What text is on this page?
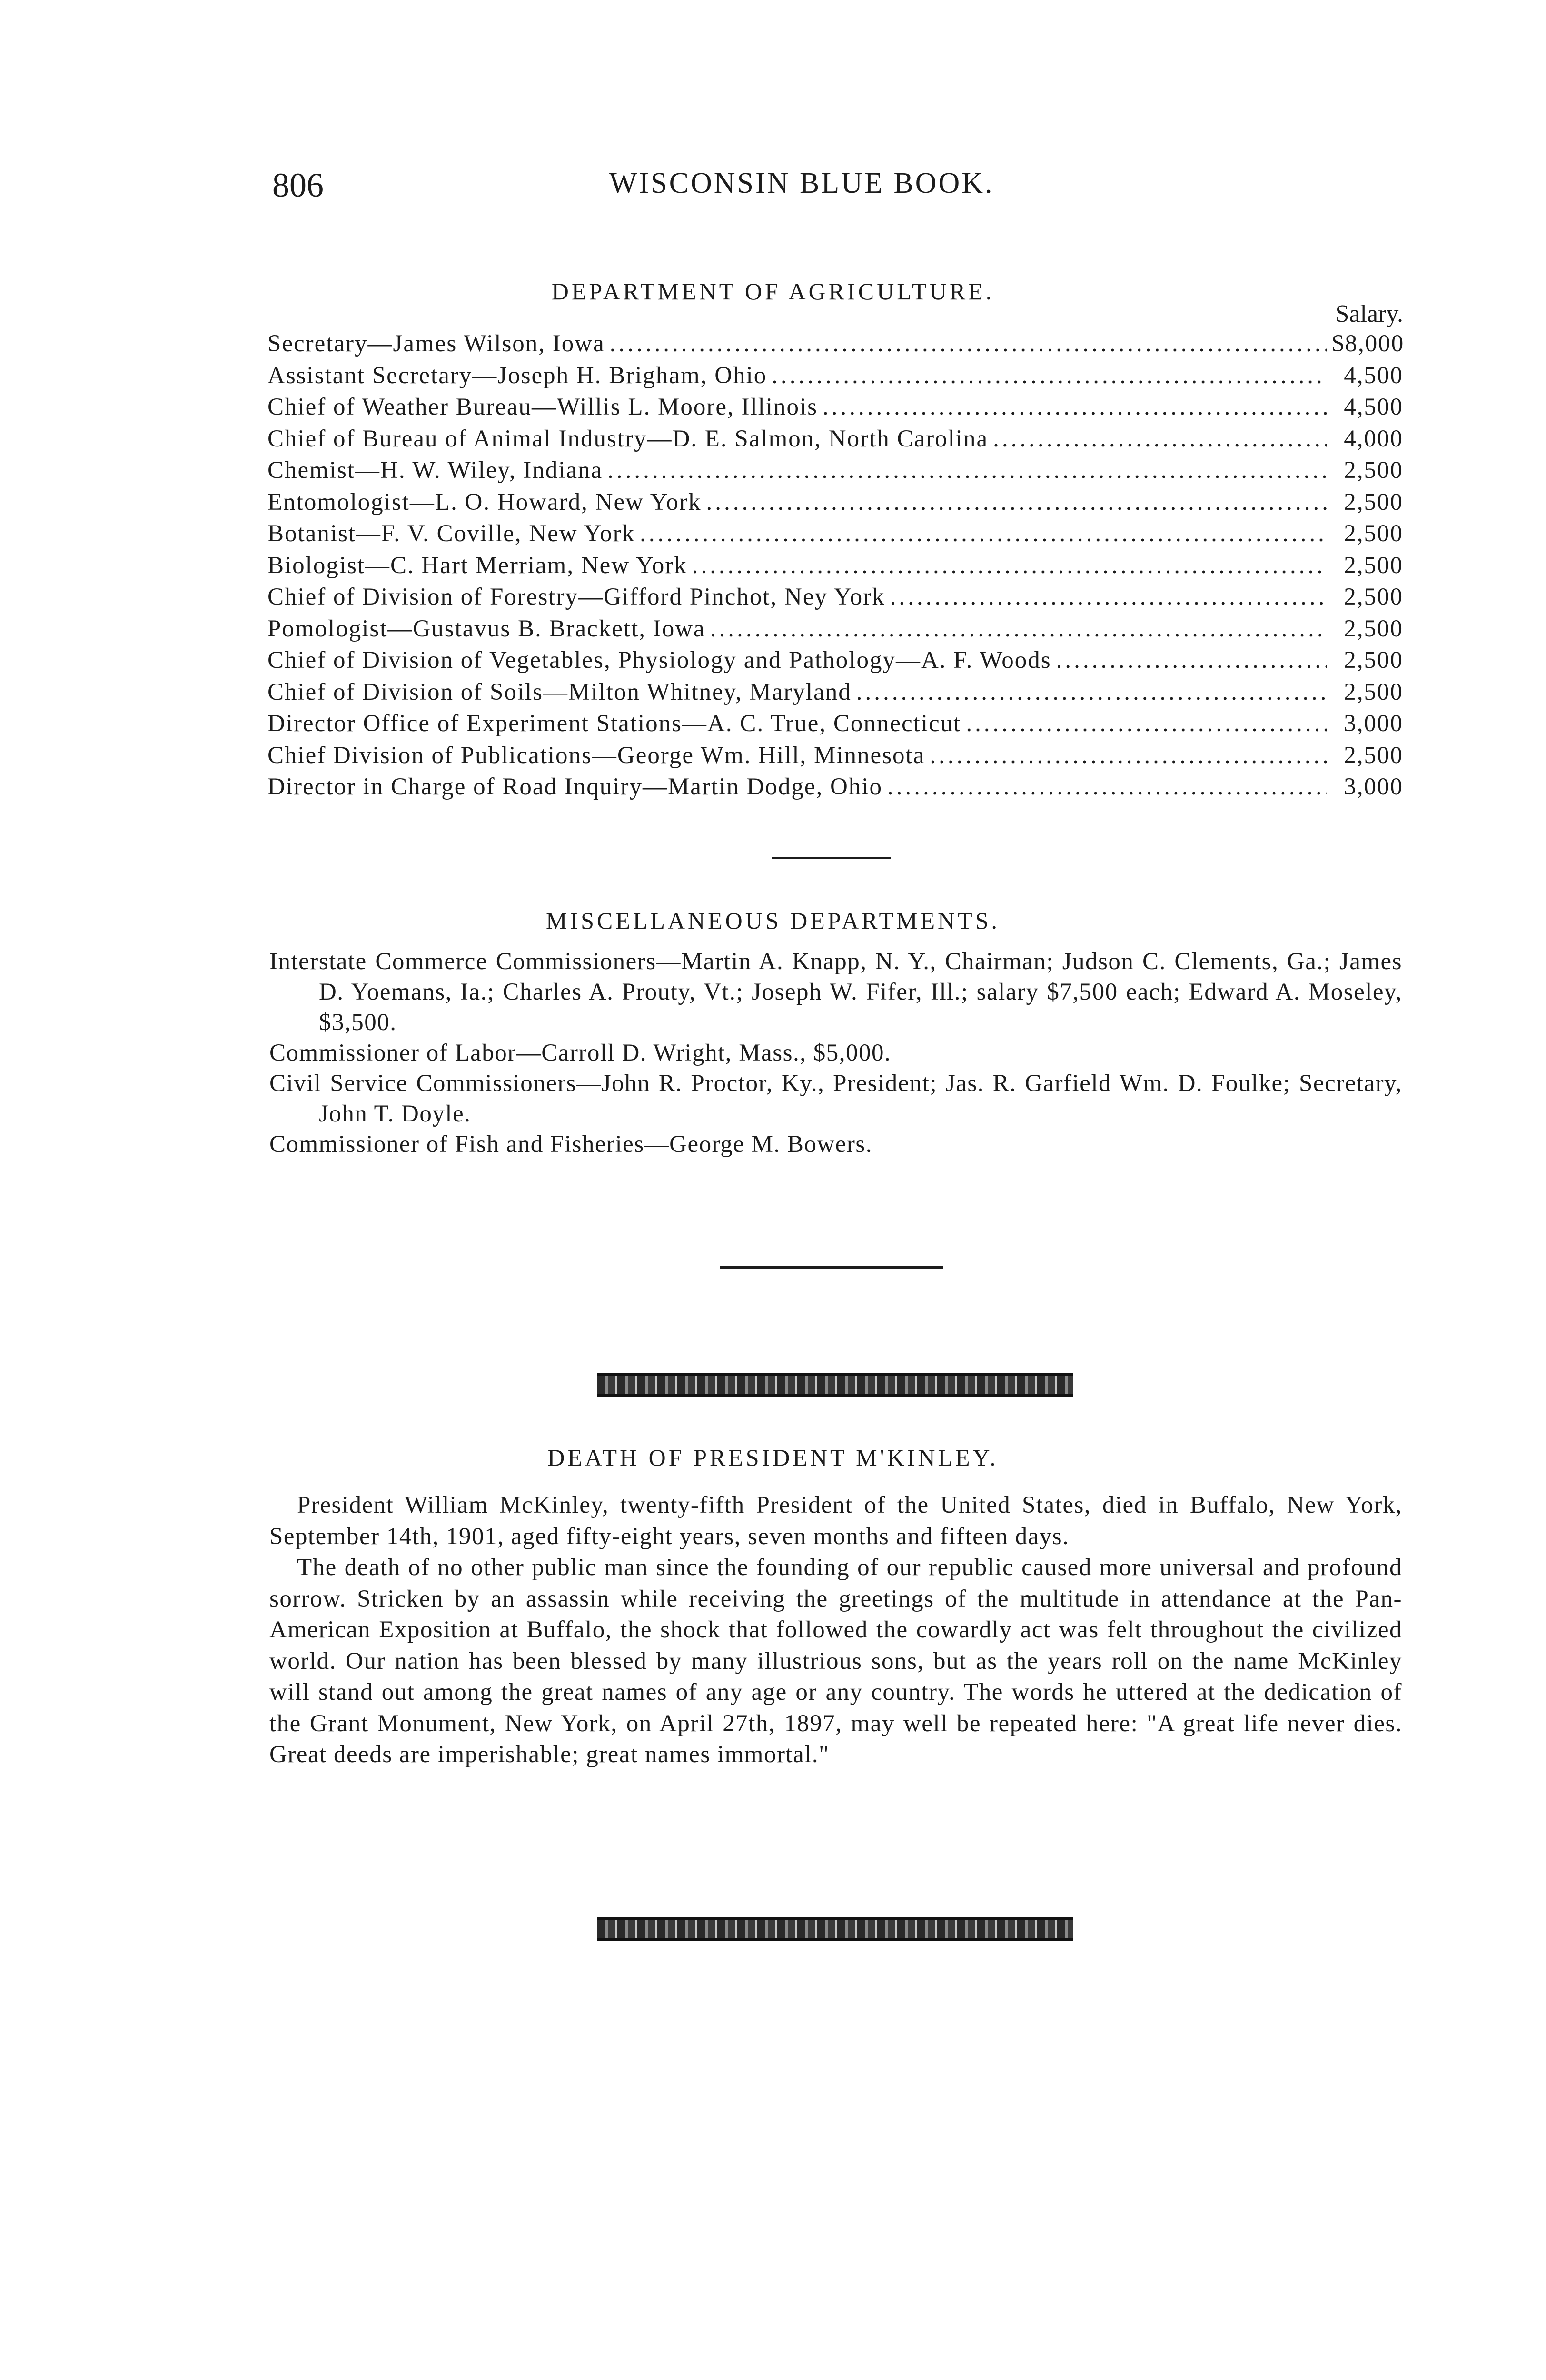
806	WISCONSIN BLUE BOOK.
DEPARTMENT OF AGRICULTURE.
Salary.
Secretary—James Wilson, Iowa .....	$8,000
Assistant Secretary—Joseph H. Brigham, Ohio .....	4,500
Chief of Weather Bureau—Willis L. Moore, Illinois .....	4,500
Chief of Bureau of Animal Industry—D. E. Salmon, North Carolina .....	4,000
Chemist—H. W. Wiley, Indiana .....	2,500
Entomologist—L. O. Howard, New York .....	2,500
Botanist—F. V. Coville, New York .....	2,500
Biologist—C. Hart Merriam, New York .....	2,500
Chief of Division of Forestry—Gifford Pinchot, Ney York .....	2,500
Pomologist—Gustavus B. Brackett, Iowa .....	2,500
Chief of Division of Vegetables, Physiology and Pathology—A. F. Woods .....	2,500
Chief of Division of Soils—Milton Whitney, Maryland .....	2,500
Director Office of Experiment Stations—A. C. True, Connecticut .....	3,000
Chief Division of Publications—George Wm. Hill, Minnesota .....	2,500
Director in Charge of Road Inquiry—Martin Dodge, Ohio .....	3,000
MISCELLANEOUS DEPARTMENTS.
Interstate Commerce Commissioners—Martin A. Knapp, N. Y., Chairman; Judson C. Clements, Ga.; James D. Yoemans, Ia.; Charles A. Prouty, Vt.; Joseph W. Fifer, Ill.; salary $7,500 each; Edward A. Moseley, $3,500.
Commissioner of Labor—Carroll D. Wright, Mass., $5,000.
Civil Service Commissioners—John R. Proctor, Ky., President; Jas. R. Garfield Wm. D. Foulke; Secretary, John T. Doyle.
Commissioner of Fish and Fisheries—George M. Bowers.
DEATH OF PRESIDENT M'KINLEY.

President William McKinley, twenty-fifth President of the United States, died in Buffalo, New York, September 14th, 1901, aged fifty-eight years, seven months and fifteen days.

The death of no other public man since the founding of our republic caused more universal and profound sorrow. Stricken by an assassin while receiving the greetings of the multitude in attendance at the Pan-American Exposition at Buffalo, the shock that followed the cowardly act was felt throughout the civilized world. Our nation has been blessed by many illustrious sons, but as the years roll on the name McKinley will stand out among the great names of any age or any country. The words he uttered at the dedication of the Grant Monument, New York, on April 27th, 1897, may well be repeated here: "A great life never dies. Great deeds are imperishable; great names immortal."
